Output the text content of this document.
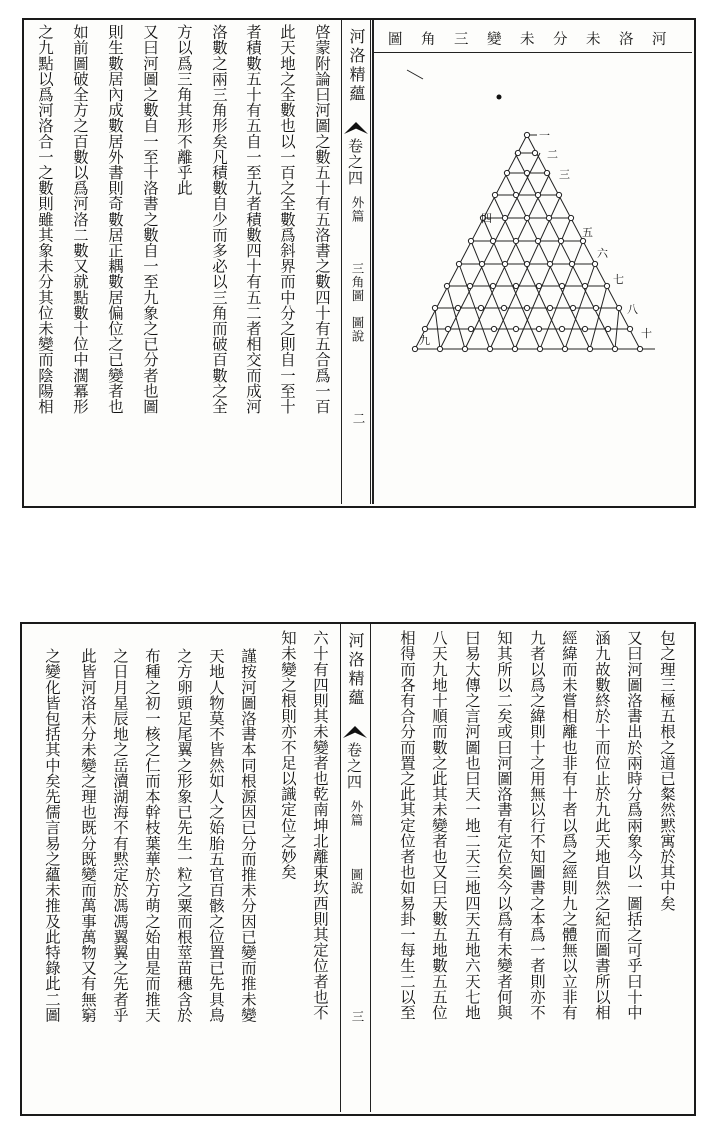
圖 角 三 變 未 分 未 洛 河
一
二
三
四
五
六
七
八
九
十
河洛精蘊
卷之四
外篇
三角圖　圖說
二
啓蒙附論曰河圖之數五十有五洛書之數四十有五合爲一百
此天地之全數也以一百之全數爲斜界而中分之則自一至十
者積數五十有五自一至九者積數四十有五二者相交而成河
洛數之兩三角形矣凡積數自少而多必以三角而破百數之全
方以爲三角其形不離乎此
又曰河圖之數自一至十洛書之數自一至九象之已分者也圖
則生數居內成數居外書則奇數居正耦數居偏位之已變者也
如前圖破全方之百數以爲河洛二數又就點數十位中濶冪形
之九點以爲河洛合一之數則雖其象未分其位未變而陰陽相
包之理三極五根之道已粲然黙寓於其中矣
又曰河圖洛書出於兩時分爲兩象今以一圖括之可乎曰十中
涵九故數終於十而位止於九此天地自然之紀而圖書所以相
經緯而未嘗相離也非有十者以爲之經則九之體無以立非有
九者以爲之緯則十之用無以行不知圖書之本爲一者則亦不
知其所以二矣或曰河圖洛書有定位矣今以爲有未變者何與
曰易大傳之言河圖也曰天一地二天三地四天五地六天七地
八天九地十順而數之此其未變者也又曰天數五地數五五位
相得而各有合分而置之此其定位者也如易卦一每生二以至
河洛精蘊
卷之四
外篇
圖說
三
六十有四則其未變者也乾南坤北離東坎西則其定位者也不
知未變之根則亦不足以識定位之妙矣
謹按河圖洛書本同根源因已分而推未分因已變而推未變
天地人物莫不皆然如人之始胎五官百骸之位置已先具鳥
之方卵頭足尾翼之形象已先生一粒之粟而根莖苗穗含於
布種之初一核之仁而本幹枝葉華於方萌之始由是而推天
之日月星辰地之岳瀆湖海不有黙定於馮馮翼翼之先者乎
此皆河洛未分未變之理也既分既變而萬事萬物又有無窮
之變化皆包括其中矣先儒言易之蘊未推及此特錄此二圖
